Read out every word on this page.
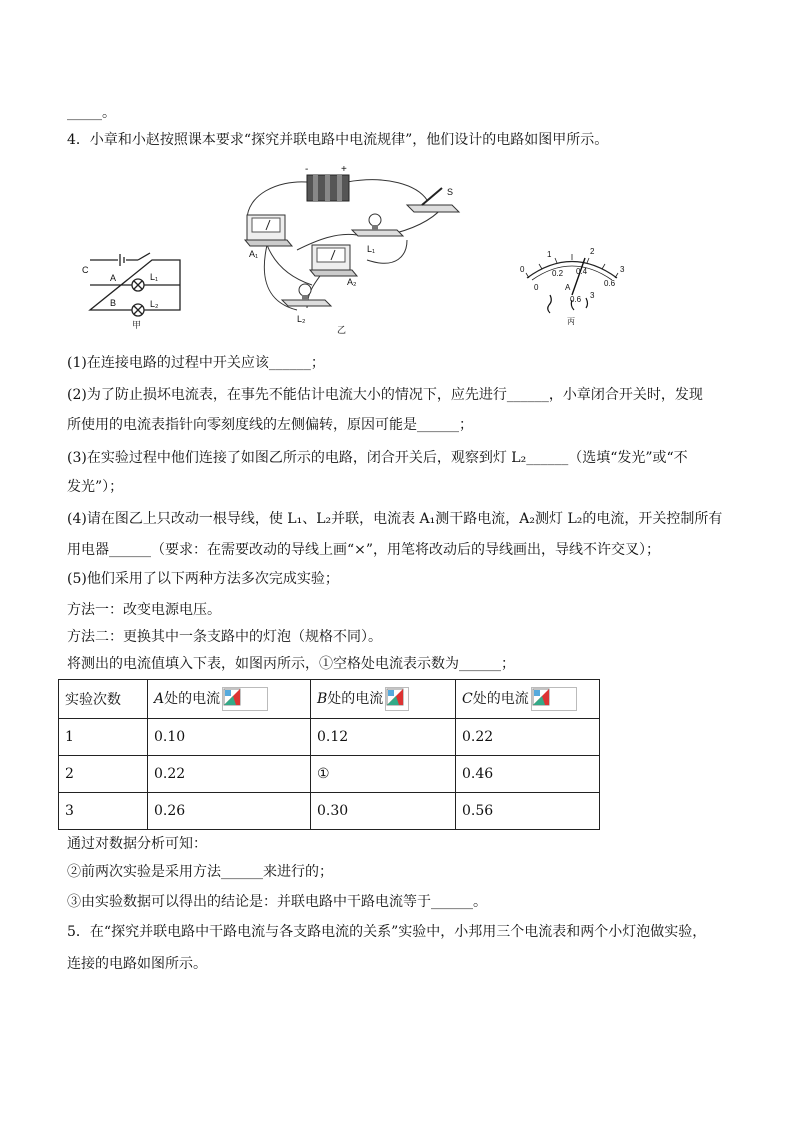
_____。
4．小章和小赵按照课本要求“探究并联电路中电流规律”，他们设计的电路如图甲所示。
C
A
B
L₁
L₂
甲
-	+
S
A₁	L₁
A₂
L₂
乙
0
1	2
3
0.2 0.4
0.6
0	A
0.6 3
丙
(1)在连接电路的过程中开关应该______；
(2)为了防止损坏电流表，在事先不能估计电流大小的情况下，应先进行______，小章闭合开关时，发现
所使用的电流表指针向零刻度线的左侧偏转，原因可能是______；
(3)在实验过程中他们连接了如图乙所示的电路，闭合开关后，观察到灯 L₂______（选填“发光”或“不
发光”）；
(4)请在图乙上只改动一根导线，使 L₁、L₂并联，电流表 A₁测干路电流，A₂测灯 L₂的电流，开关控制所有
用电器______（要求：在需要改动的导线上画“×”，用笔将改动后的导线画出，导线不许交叉）；
(5)他们采用了以下两种方法多次完成实验；
方法一：改变电源电压。
方法二：更换其中一条支路中的灯泡（规格不同）。
将测出的电流值填入下表，如图丙所示，①空格处电流表示数为______；
实验次数	A处的电流	B处的电流	C处的电流

1	0.10	0.12	0.22
2	0.22	①	0.46
3	0.26	0.30	0.56
通过对数据分析可知：
②前两次实验是采用方法______来进行的；
③由实验数据可以得出的结论是：并联电路中干路电流等于______。
5．在“探究并联电路中干路电流与各支路电流的关系”实验中，小邦用三个电流表和两个小灯泡做实验，
连接的电路如图所示。
